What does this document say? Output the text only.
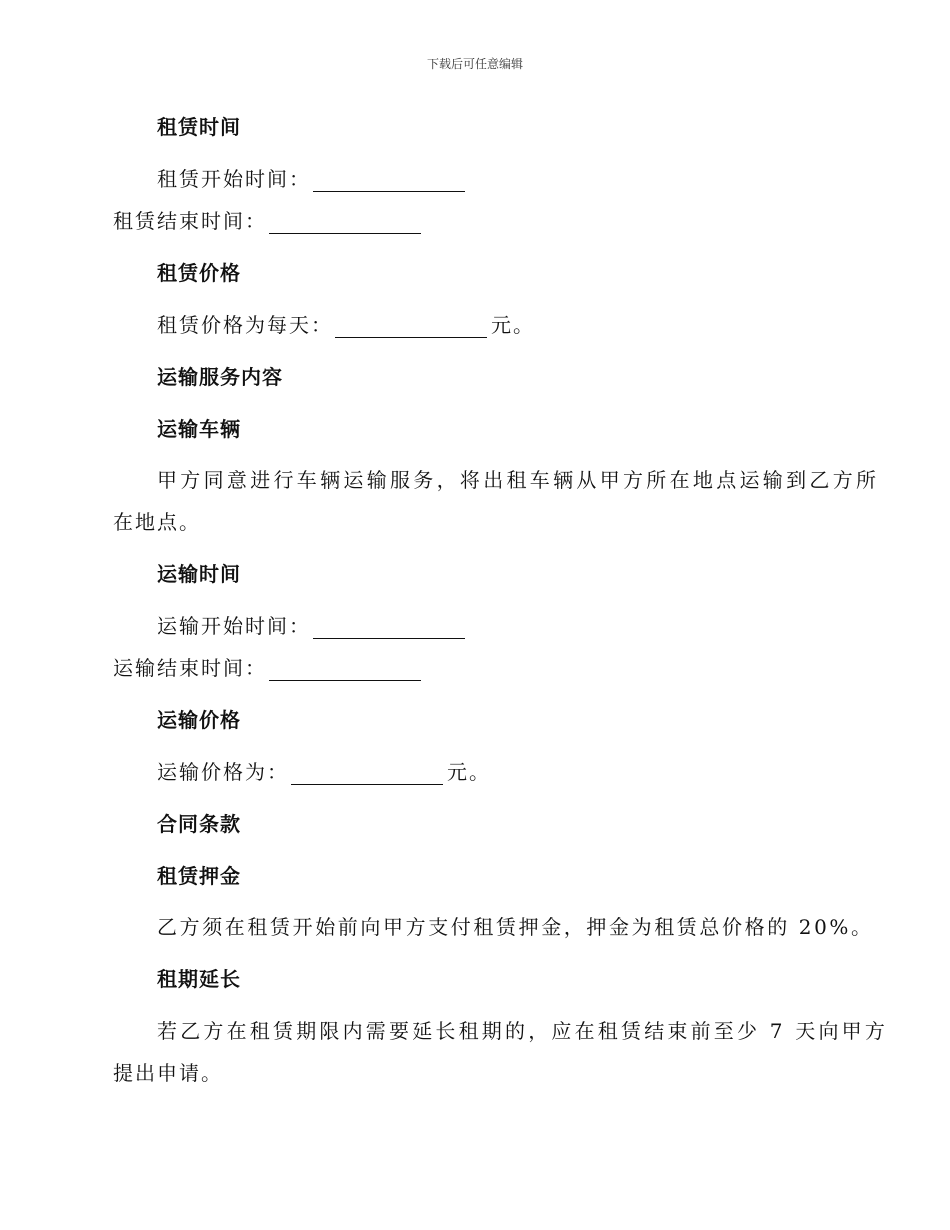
下载后可任意编辑
租赁时间
租赁开始时间：
租赁结束时间：
租赁价格
租赁价格为每天：	元。
运输服务内容
运输车辆
甲方同意进行车辆运输服务，将出租车辆从甲方所在地点运输到乙方所
在地点。
运输时间
运输开始时间：
运输结束时间：
运输价格
运输价格为：	元。
合同条款
租赁押金
乙方须在租赁开始前向甲方支付租赁押金，押金为租赁总价格的 20%。
租期延长
若乙方在租赁期限内需要延长租期的，应在租赁结束前至少 7 天向甲方
提出申请。
